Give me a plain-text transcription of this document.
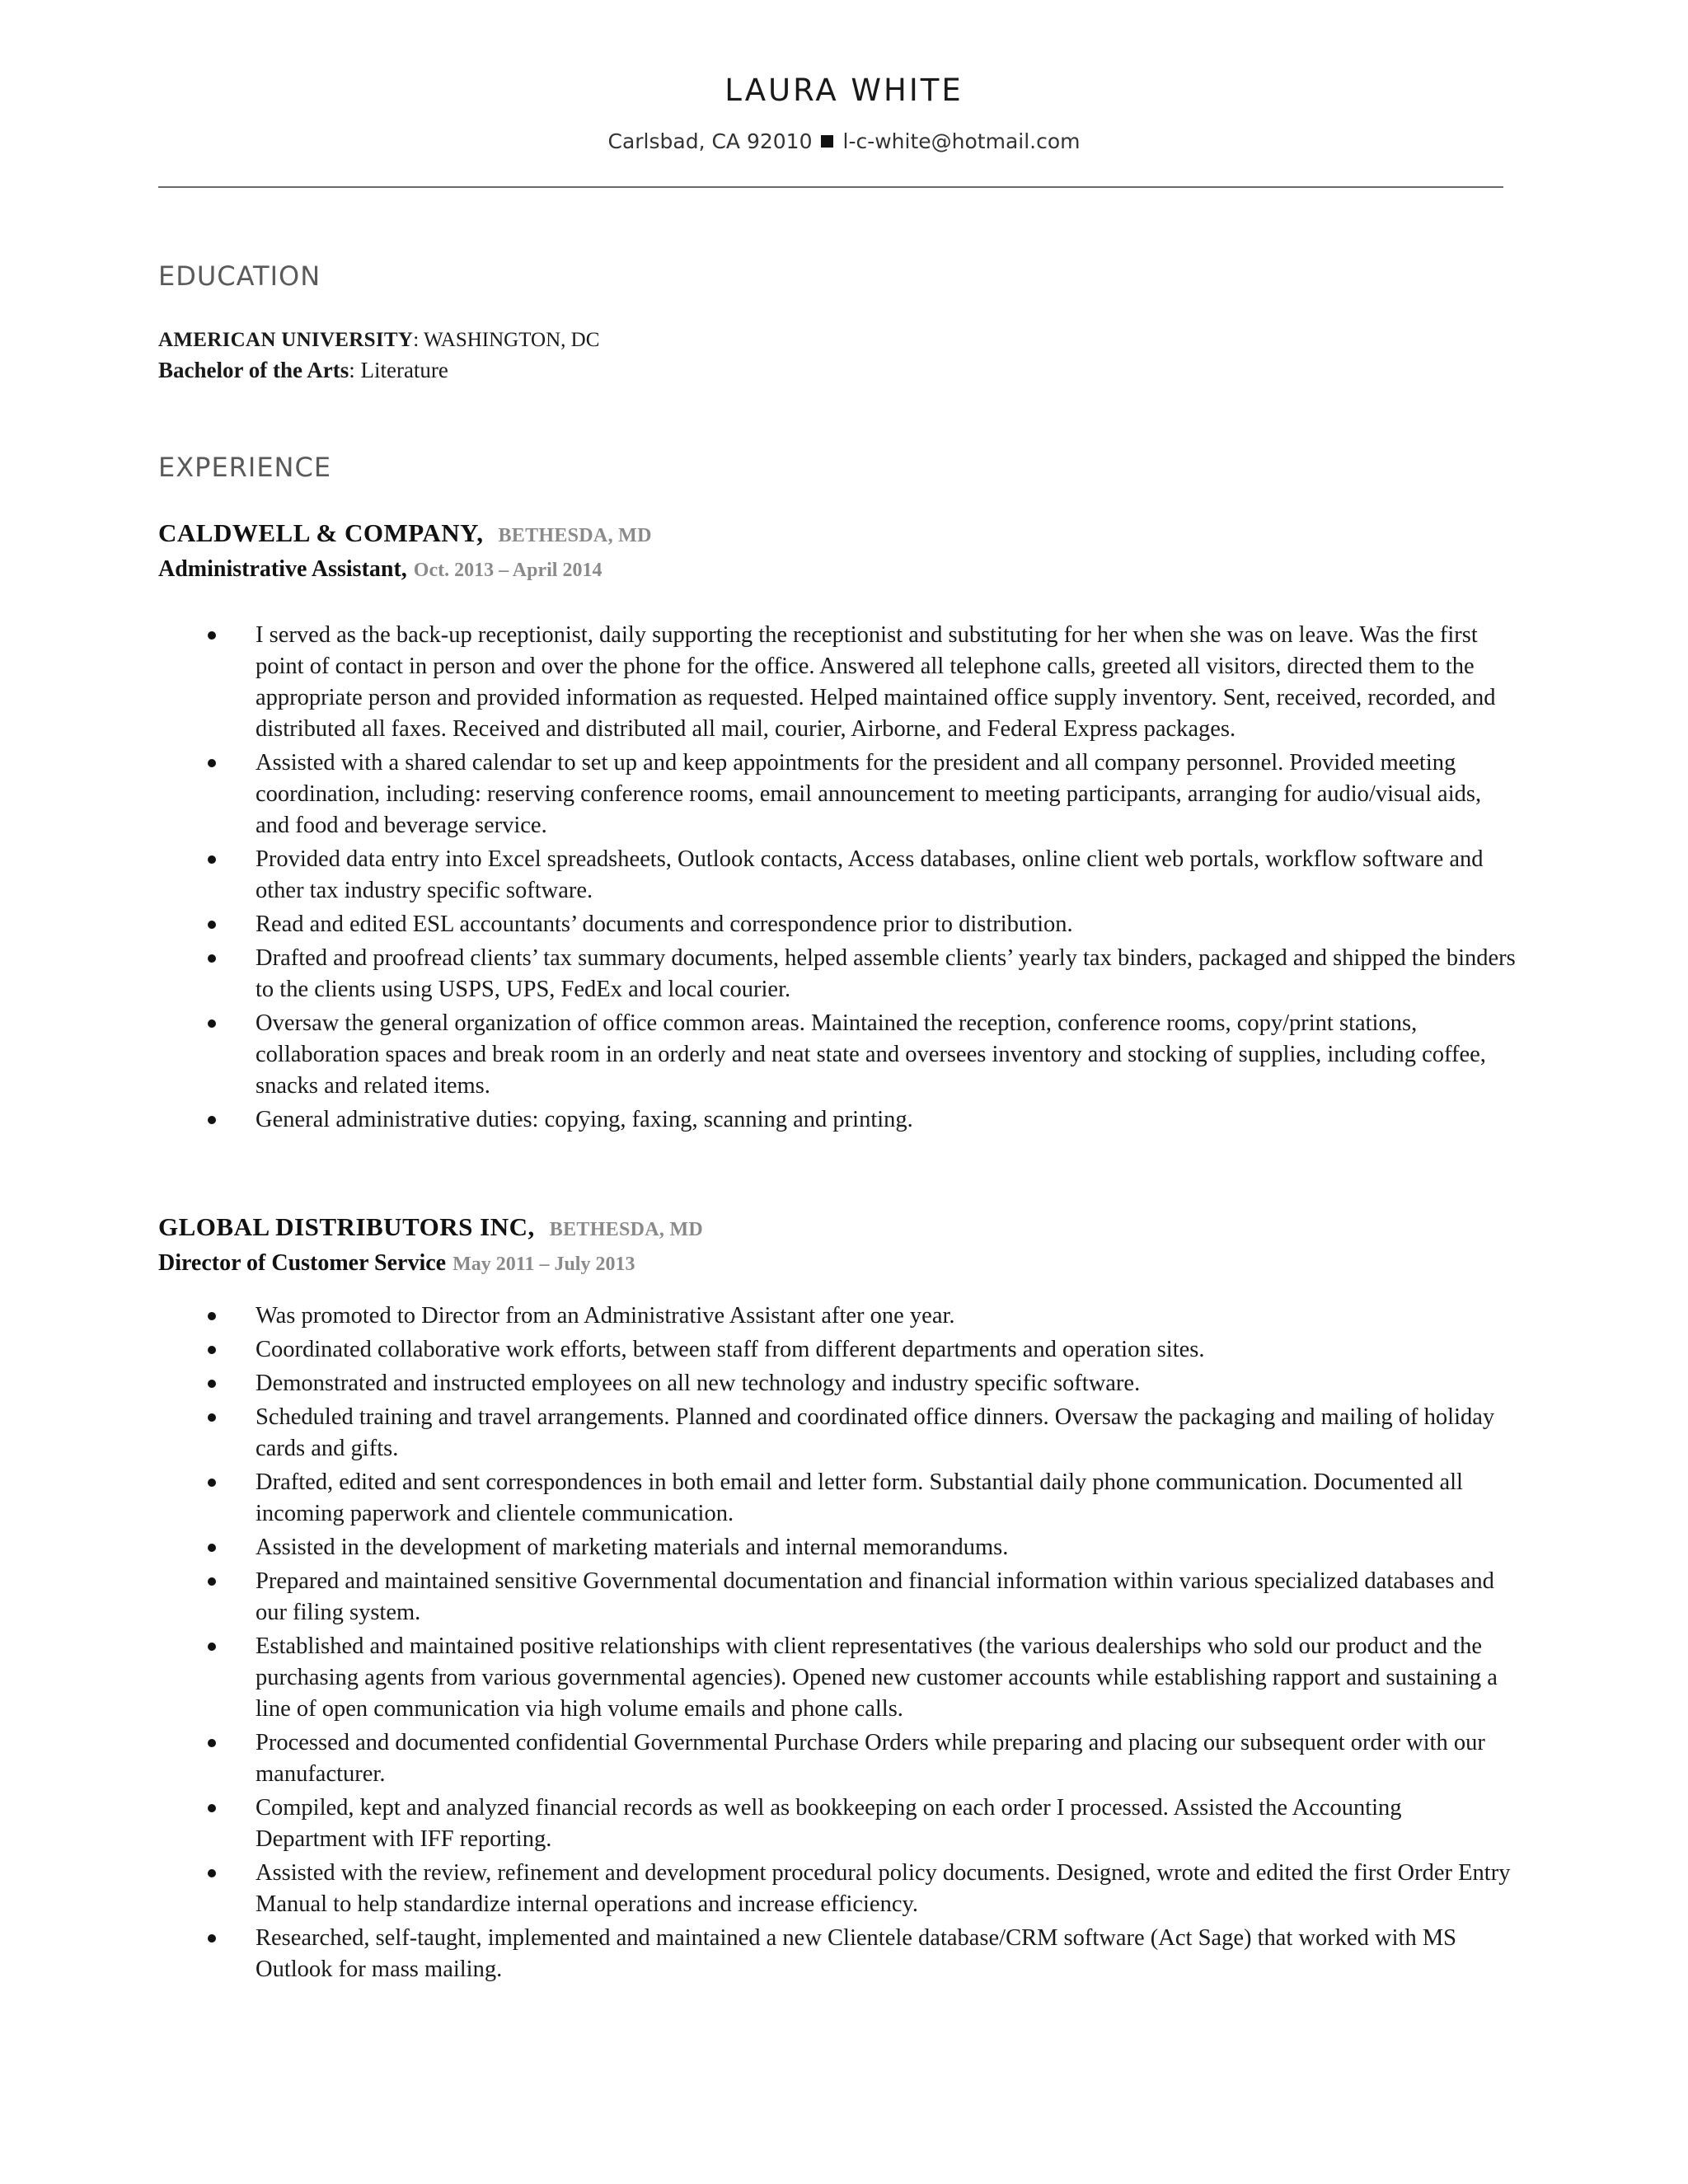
LAURA WHITE
Carlsbad, CA 92010 l-c-white@hotmail.com
EDUCATION
AMERICAN UNIVERSITY: WASHINGTON, DC
Bachelor of the Arts: Literature
EXPERIENCE
CALDWELL & COMPANY, BETHESDA, MD
Administrative Assistant, Oct. 2013 – April 2014
I served as the back-up receptionist, daily supporting the receptionist and substituting for her when she was on leave. Was the first point of contact in person and over the phone for the office. Answered all telephone calls, greeted all visitors, directed them to the appropriate person and provided information as requested. Helped maintained office supply inventory. Sent, received, recorded, and distributed all faxes. Received and distributed all mail, courier, Airborne, and Federal Express packages.
Assisted with a shared calendar to set up and keep appointments for the president and all company personnel. Provided meeting coordination, including: reserving conference rooms, email announcement to meeting participants, arranging for audio/visual aids, and food and beverage service.
Provided data entry into Excel spreadsheets, Outlook contacts, Access databases, online client web portals, workflow software and other tax industry specific software.
Read and edited ESL accountants’ documents and correspondence prior to distribution.
Drafted and proofread clients’ tax summary documents, helped assemble clients’ yearly tax binders, packaged and shipped the binders to the clients using USPS, UPS, FedEx and local courier.
Oversaw the general organization of office common areas. Maintained the reception, conference rooms, copy/print stations, collaboration spaces and break room in an orderly and neat state and oversees inventory and stocking of supplies, including coffee, snacks and related items.
General administrative duties: copying, faxing, scanning and printing.
GLOBAL DISTRIBUTORS INC, BETHESDA, MD
Director of Customer Service May 2011 – July 2013
Was promoted to Director from an Administrative Assistant after one year.
Coordinated collaborative work efforts, between staff from different departments and operation sites.
Demonstrated and instructed employees on all new technology and industry specific software.
Scheduled training and travel arrangements. Planned and coordinated office dinners. Oversaw the packaging and mailing of holiday cards and gifts.
Drafted, edited and sent correspondences in both email and letter form. Substantial daily phone communication. Documented all incoming paperwork and clientele communication.
Assisted in the development of marketing materials and internal memorandums.
Prepared and maintained sensitive Governmental documentation and financial information within various specialized databases and our filing system.
Established and maintained positive relationships with client representatives (the various dealerships who sold our product and the purchasing agents from various governmental agencies). Opened new customer accounts while establishing rapport and sustaining a line of open communication via high volume emails and phone calls.
Processed and documented confidential Governmental Purchase Orders while preparing and placing our subsequent order with our manufacturer.
Compiled, kept and analyzed financial records as well as bookkeeping on each order I processed. Assisted the Accounting Department with IFF reporting.
Assisted with the review, refinement and development procedural policy documents. Designed, wrote and edited the first Order Entry Manual to help standardize internal operations and increase efficiency.
Researched, self-taught, implemented and maintained a new Clientele database/CRM software (Act Sage) that worked with MS Outlook for mass mailing.
